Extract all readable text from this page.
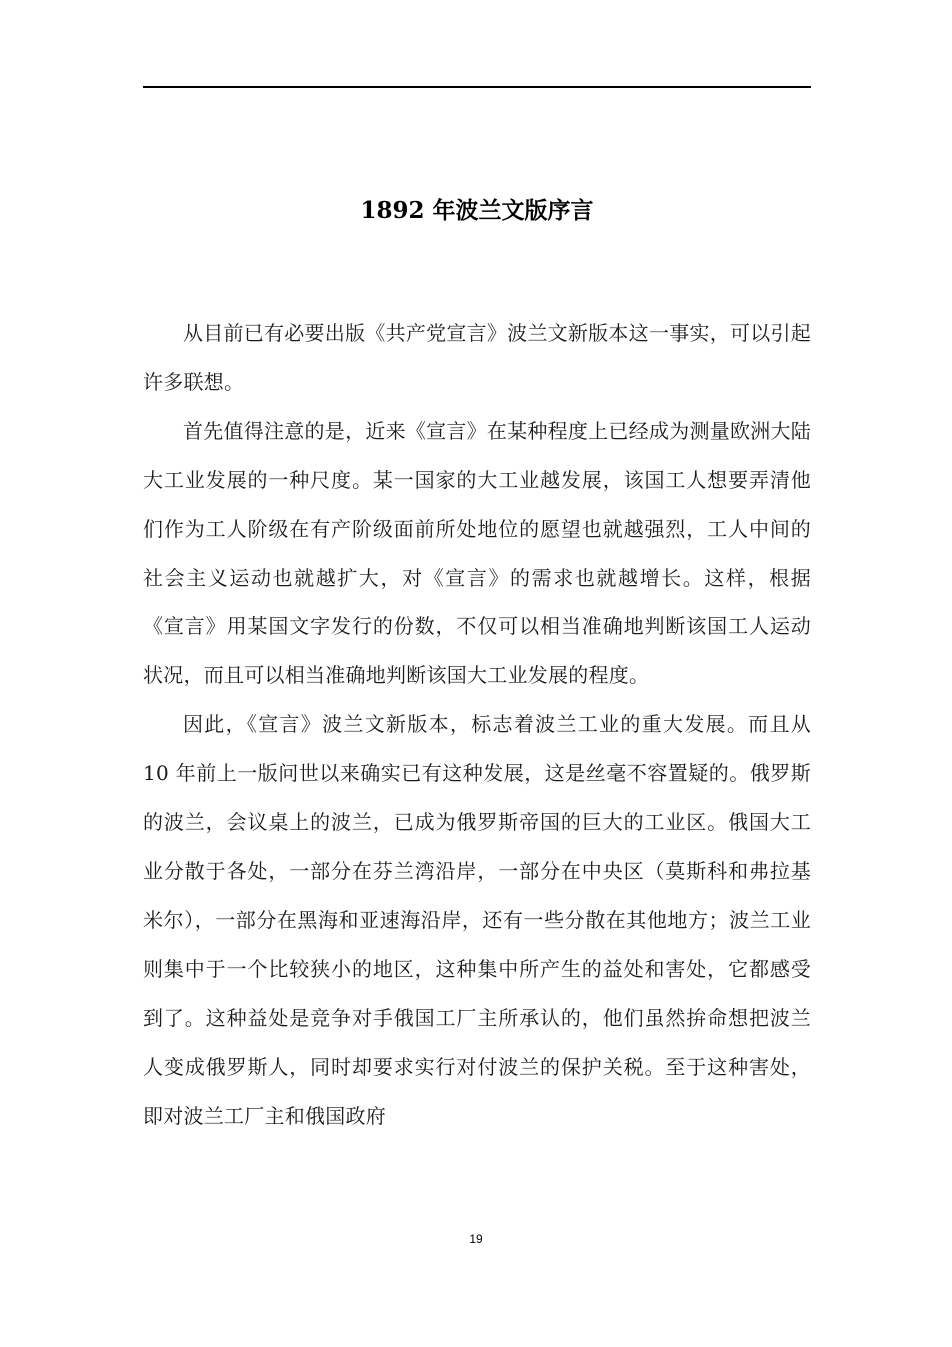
1892 年波兰文版序言

从目前已有必要出版《共产党宣言》波兰文新版本这一事实，可以引起许多联想。

首先值得注意的是，近来《宣言》在某种程度上已经成为测量欧洲大陆大工业发展的一种尺度。某一国家的大工业越发展，该国工人想要弄清他们作为工人阶级在有产阶级面前所处地位的愿望也就越强烈，工人中间的社会主义运动也就越扩大，对《宣言》的需求也就越增长。这样，根据《宣言》用某国文字发行的份数，不仅可以相当准确地判断该国工人运动状况，而且可以相当准确地判断该国大工业发展的程度。

因此，《宣言》波兰文新版本，标志着波兰工业的重大发展。而且从 10 年前上一版问世以来确实已有这种发展，这是丝毫不容置疑的。俄罗斯的波兰，会议桌上的波兰，已成为俄罗斯帝国的巨大的工业区。俄国大工业分散于各处，一部分在芬兰湾沿岸，一部分在中央区（莫斯科和弗拉基米尔），一部分在黑海和亚速海沿岸，还有一些分散在其他地方；波兰工业则集中于一个比较狭小的地区，这种集中所产生的益处和害处，它都感受到了。这种益处是竞争对手俄国工厂主所承认的，他们虽然拚命想把波兰人变成俄罗斯人，同时却要求实行对付波兰的保护关税。至于这种害处，即对波兰工厂主和俄国政府

19
